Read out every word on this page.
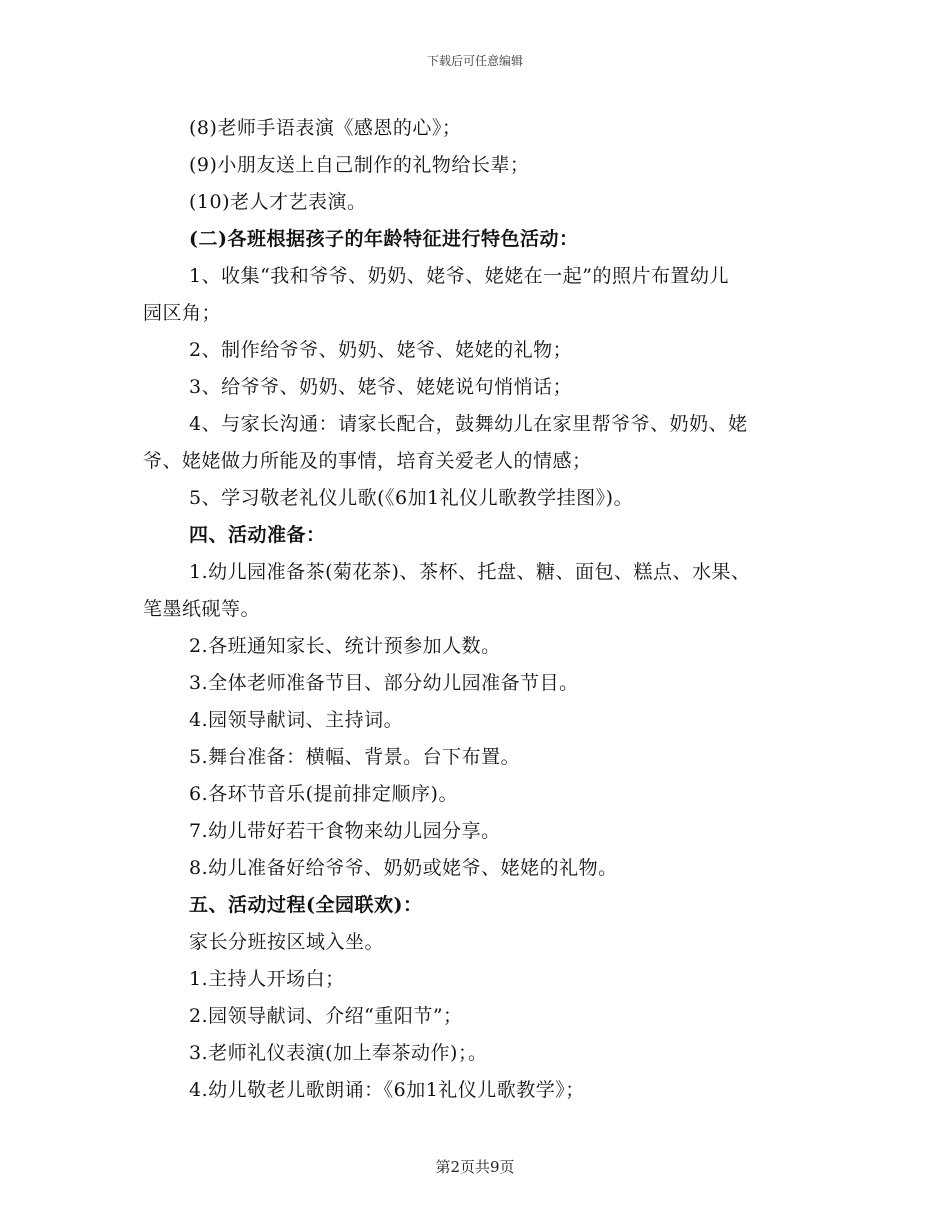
下载后可任意编辑
(8)老师手语表演《感恩的心》；
(9)小朋友送上自己制作的礼物给长辈；
(10)老人才艺表演。
(二)各班根据孩子的年龄特征进行特色活动：
1、收集“我和爷爷、奶奶、姥爷、姥姥在一起”的照片布置幼儿
园区角；
2、制作给爷爷、奶奶、姥爷、姥姥的礼物；
3、给爷爷、奶奶、姥爷、姥姥说句悄悄话；
4、与家长沟通：请家长配合，鼓舞幼儿在家里帮爷爷、奶奶、姥
爷、姥姥做力所能及的事情，培育关爱老人的情感；
5、学习敬老礼仪儿歌(《6加1礼仪儿歌教学挂图》)。
四、活动准备：
1.幼儿园准备茶(菊花茶)、茶杯、托盘、糖、面包、糕点、水果、
笔墨纸砚等。
2.各班通知家长、统计预参加人数。
3.全体老师准备节目、部分幼儿园准备节目。
4.园领导献词、主持词。
5.舞台准备：横幅、背景。台下布置。
6.各环节音乐(提前排定顺序)。
7.幼儿带好若干食物来幼儿园分享。
8.幼儿准备好给爷爷、奶奶或姥爷、姥姥的礼物。
五、活动过程(全园联欢)：
家长分班按区域入坐。
1.主持人开场白；
2.园领导献词、介绍“重阳节”；
3.老师礼仪表演(加上奉茶动作)；。
4.幼儿敬老儿歌朗诵：《6加1礼仪儿歌教学》；
第2页共9页
